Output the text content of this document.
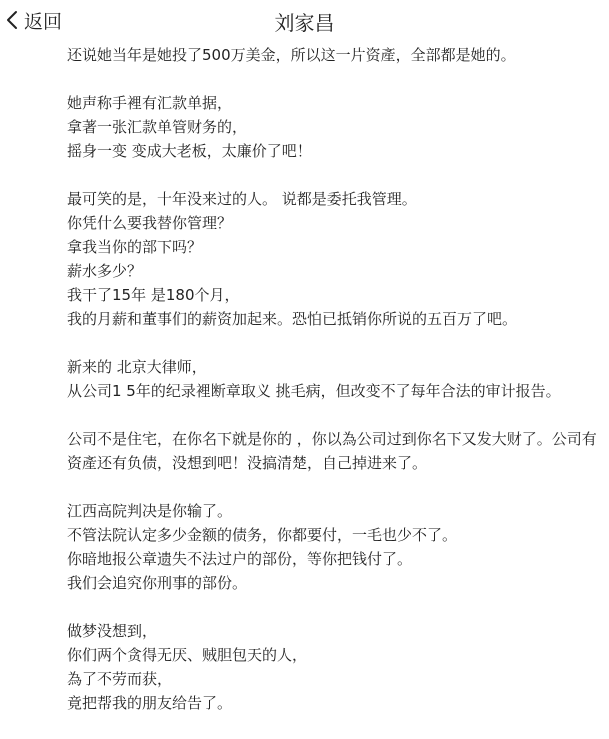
返回	刘家昌
还说她当年是她投了500万美金，所以这一片资產，全部都是她的。
她声称手裡有汇款单据，
拿著一张汇款单管财务的，
摇身一变 变成大老板，太廉价了吧！
最可笑的是，十年没来过的人。 说都是委托我管理。
你凭什么要我替你管理？
拿我当你的部下吗？
薪水多少？
我干了15年 是180个月，
我的月薪和董事们的薪资加起来。恐怕已抵销你所说的五百万了吧。
新来的 北京大律师，
从公司1 5年的纪录裡断章取义 挑毛病，但改变不了每年合法的审计报告。
公司不是住宅，在你名下就是你的 ，你以為公司过到你名下又发大财了。公司有
资產还有负债，没想到吧！没搞清楚，自己掉进来了。
江西高院判决是你输了。
不管法院认定多少金额的债务，你都要付，一毛也少不了。
你暗地报公章遗失不法过户的部份，等你把钱付了。
我们会追究你刑事的部份。
做梦没想到，
你们两个贪得无厌、贼胆包天的人，
為了不劳而获，
竟把帮我的朋友给告了。
